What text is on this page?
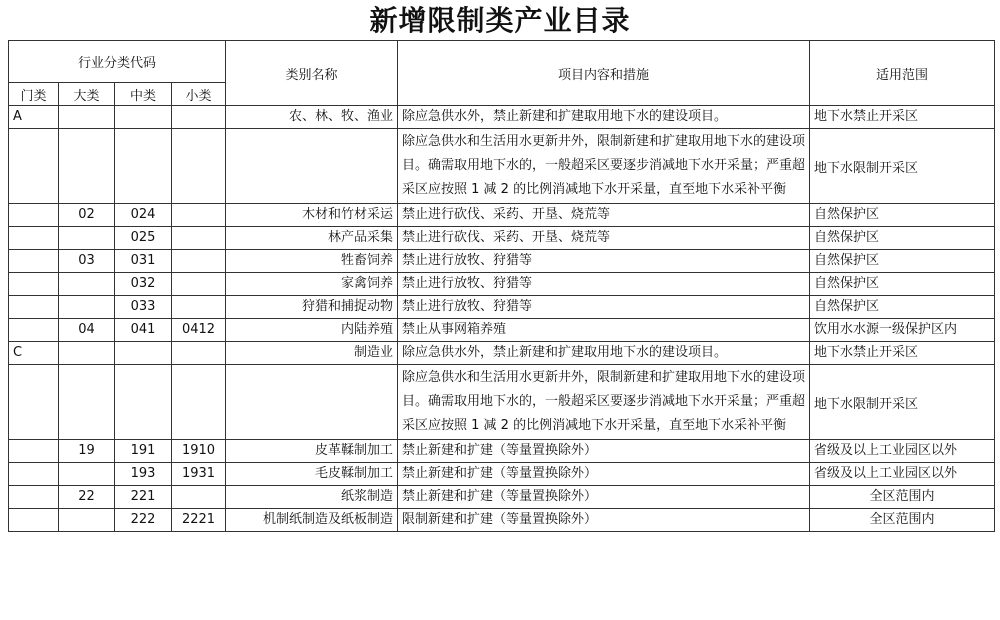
新增限制类产业目录
行业分类代码				类别名称	项目内容和措施	适用范围
门类	大类	中类	小类			
A				农、林、牧、渔业	除应急供水外，禁止新建和扩建取用地下水的建设项目。	地下水禁止开采区
					除应急供水和生活用水更新井外，限制新建和扩建取用地下水的建设项目。确需取用地下水的，一般超采区要逐步消减地下水开采量；严重超采区应按照 1 减 2 的比例消减地下水开采量，直至地下水采补平衡	地下水限制开采区
	02	024		木材和竹材采运	禁止进行砍伐、采药、开垦、烧荒等	自然保护区
		025		林产品采集	禁止进行砍伐、采药、开垦、烧荒等	自然保护区
	03	031		牲畜饲养	禁止进行放牧、狩猎等	自然保护区
		032		家禽饲养	禁止进行放牧、狩猎等	自然保护区
		033		狩猎和捕捉动物	禁止进行放牧、狩猎等	自然保护区
	04	041	0412	内陆养殖	禁止从事网箱养殖	饮用水水源一级保护区内
C				制造业	除应急供水外，禁止新建和扩建取用地下水的建设项目。	地下水禁止开采区
					除应急供水和生活用水更新井外，限制新建和扩建取用地下水的建设项目。确需取用地下水的，一般超采区要逐步消减地下水开采量；严重超采区应按照 1 减 2 的比例消减地下水开采量，直至地下水采补平衡	地下水限制开采区
	19	191	1910	皮革鞣制加工	禁止新建和扩建（等量置换除外）	省级及以上工业园区以外
		193	1931	毛皮鞣制加工	禁止新建和扩建（等量置换除外）	省级及以上工业园区以外
	22	221		纸浆制造	禁止新建和扩建（等量置换除外）	全区范围内
		222	2221	机制纸制造及纸板制造	限制新建和扩建（等量置换除外）	全区范围内
